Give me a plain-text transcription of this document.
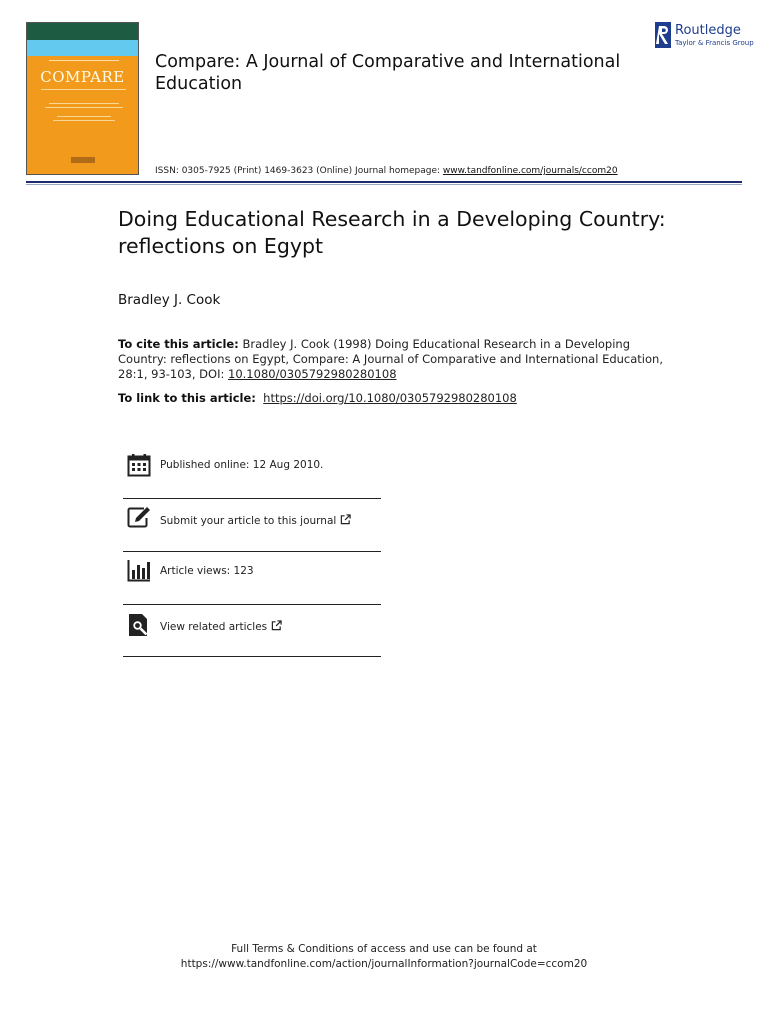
COMPARE
Compare: A Journal of Comparative and International Education
Routledge
Taylor & Francis Group
ISSN: 0305-7925 (Print) 1469-3623 (Online) Journal homepage: www.tandfonline.com/journals/ccom20
Doing Educational Research in a Developing Country: reflections on Egypt
Bradley J. Cook
To cite this article: Bradley J. Cook (1998) Doing Educational Research in a Developing Country: reflections on Egypt, Compare: A Journal of Comparative and International Education, 28:1, 93-103, DOI: 10.1080/0305792980280108
To link to this article: https://doi.org/10.1080/0305792980280108
Published online: 12 Aug 2010.
Submit your article to this journal
Article views: 123
View related articles
Full Terms & Conditions of access and use can be found at
https://www.tandfonline.com/action/journalInformation?journalCode=ccom20
